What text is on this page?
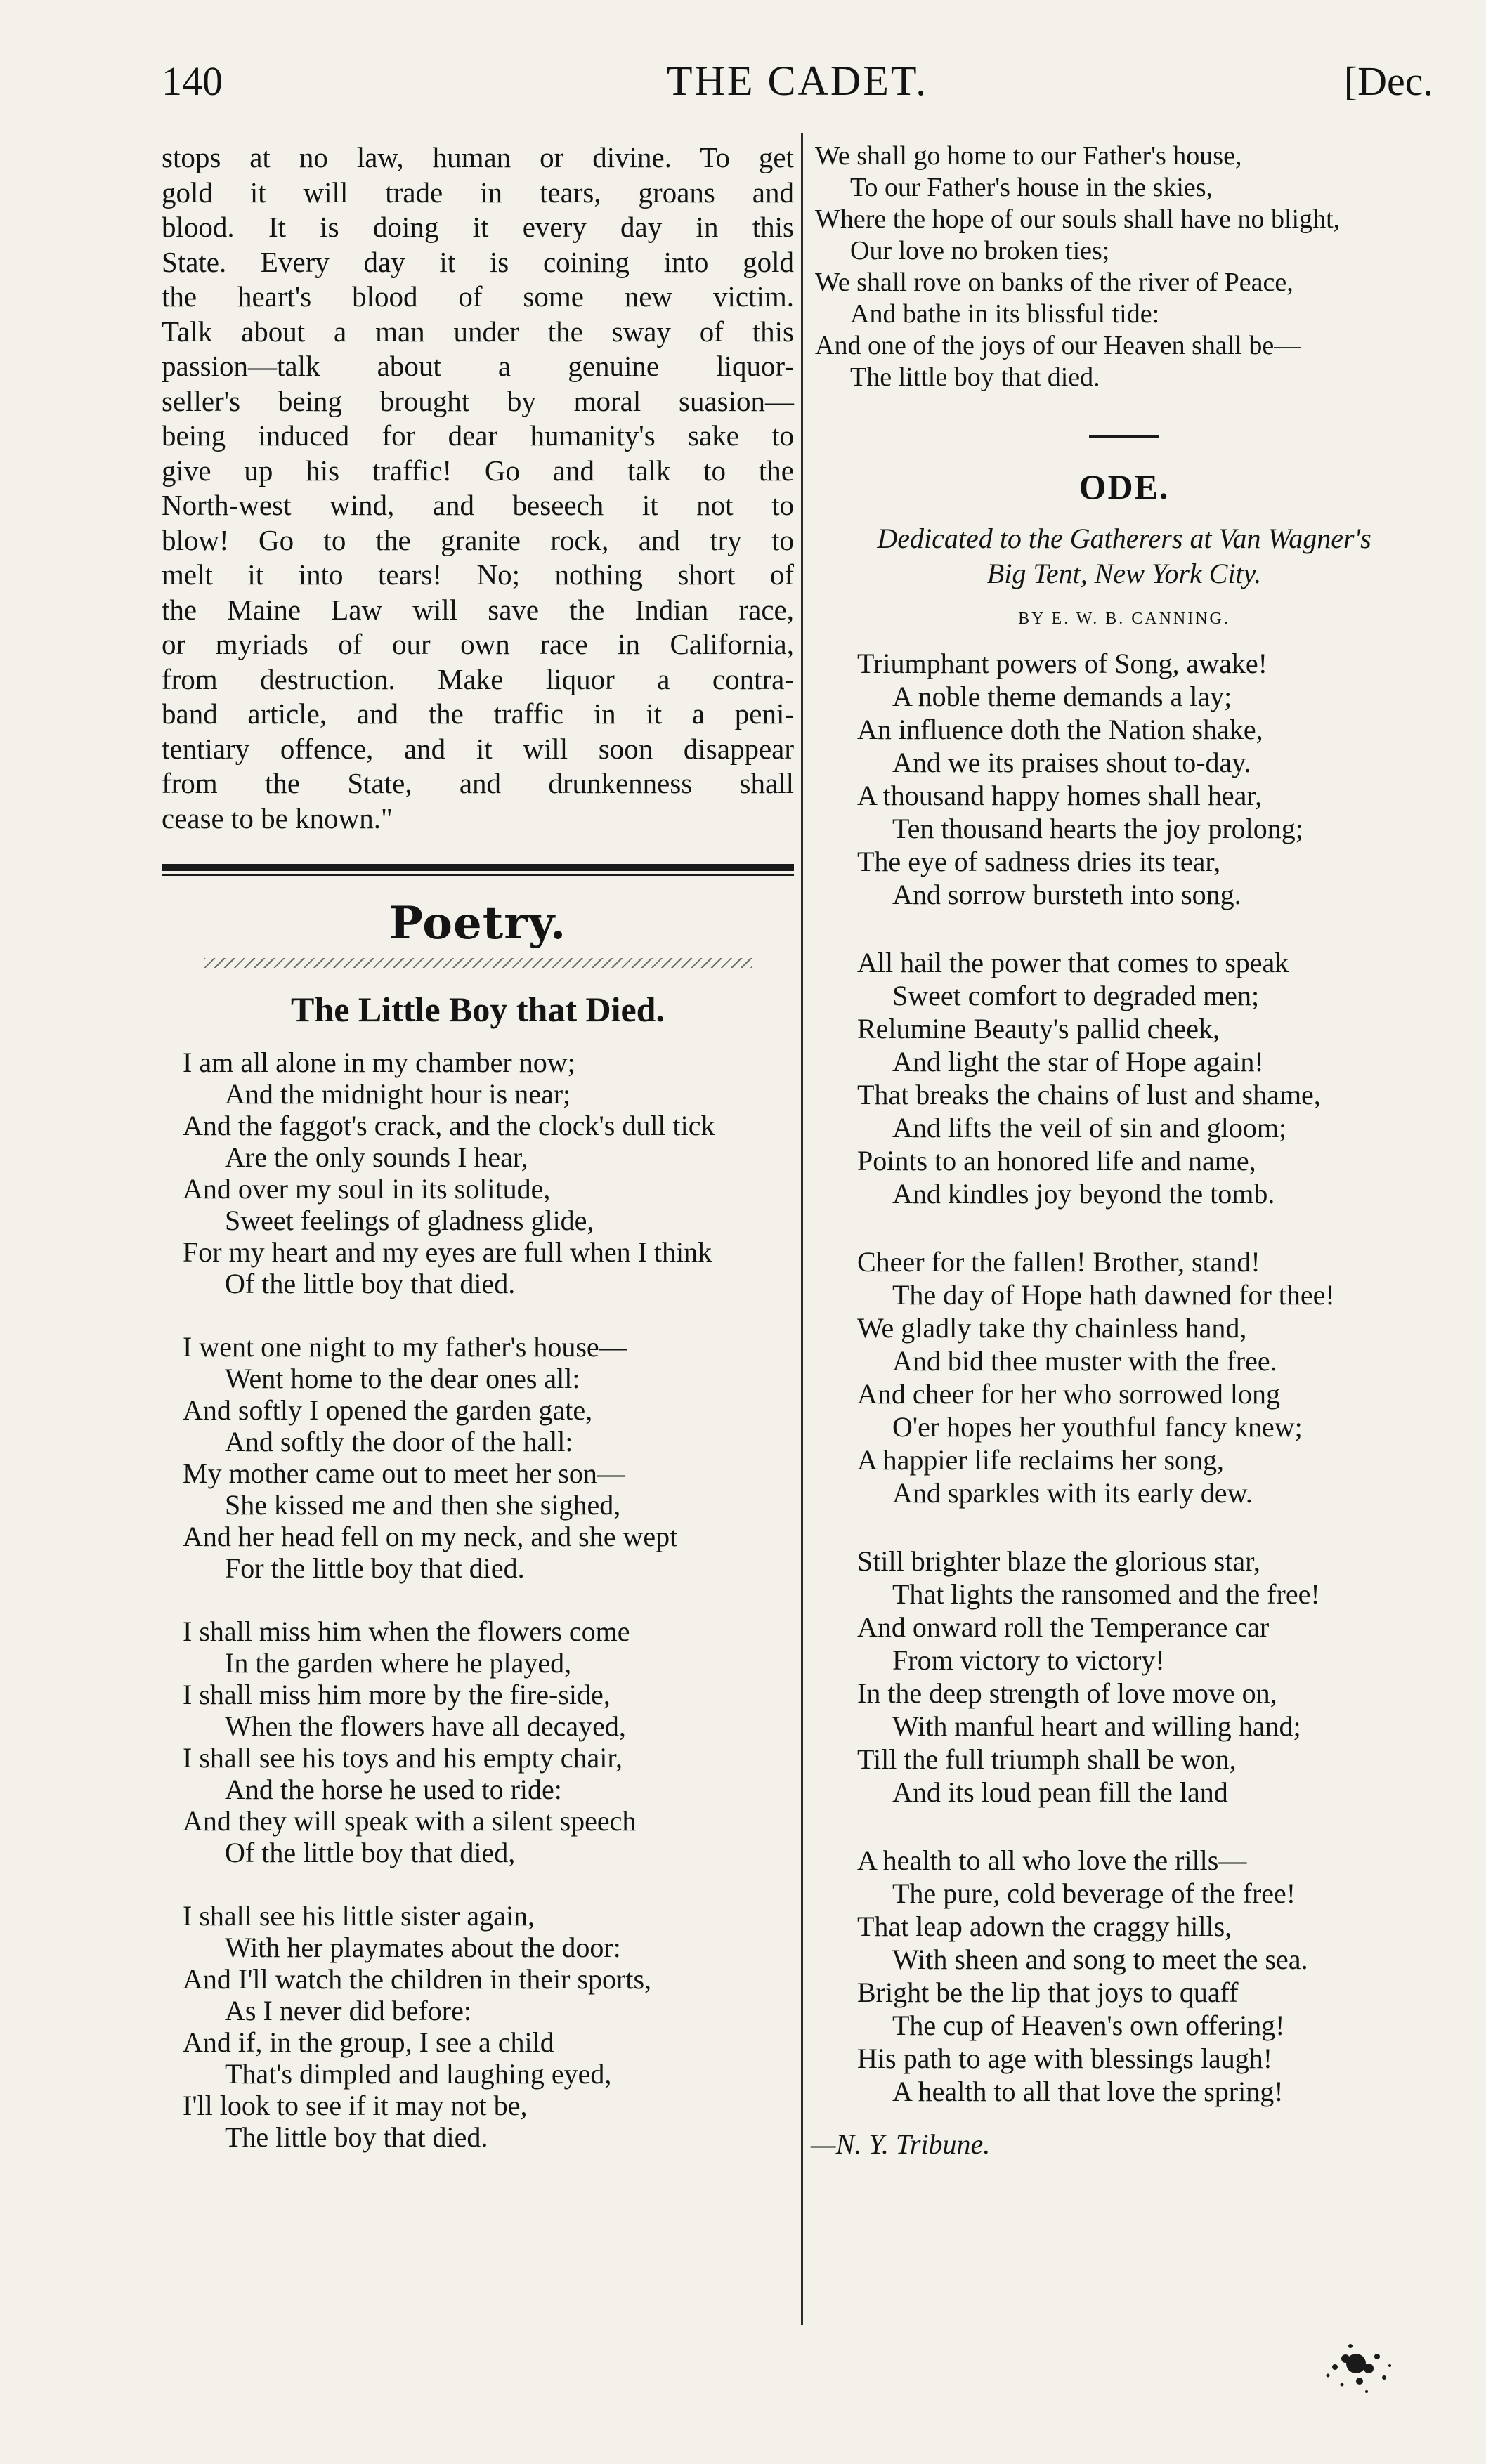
140	THE CADET.	[Dec.
stops at no law, human or divine. To get
gold it will trade in tears, groans and
blood. It is doing it every day in this
State. Every day it is coining into gold
the heart's blood of some new victim.
Talk about a man under the sway of this
passion—talk about a genuine liquor-
seller's being brought by moral suasion—
being induced for dear humanity's sake to
give up his traffic! Go and talk to the
North-west wind, and beseech it not to
blow! Go to the granite rock, and try to
melt it into tears! No; nothing short of
the Maine Law will save the Indian race,
or myriads of our own race in California,
from destruction. Make liquor a contra-
band article, and the traffic in it a peni-
tentiary offence, and it will soon disappear
from the State, and drunkenness shall
cease to be known."
Poetry.
The Little Boy that Died.
I am all alone in my chamber now;
And the midnight hour is near;
And the faggot's crack, and the clock's dull tick
Are the only sounds I hear,
And over my soul in its solitude,
Sweet feelings of gladness glide,
For my heart and my eyes are full when I think
Of the little boy that died.
I went one night to my father's house—
Went home to the dear ones all:
And softly I opened the garden gate,
And softly the door of the hall:
My mother came out to meet her son—
She kissed me and then she sighed,
And her head fell on my neck, and she wept
For the little boy that died.
I shall miss him when the flowers come
In the garden where he played,
I shall miss him more by the fire-side,
When the flowers have all decayed,
I shall see his toys and his empty chair,
And the horse he used to ride:
And they will speak with a silent speech
Of the little boy that died,
I shall see his little sister again,
With her playmates about the door:
And I'll watch the children in their sports,
As I never did before:
And if, in the group, I see a child
That's dimpled and laughing eyed,
I'll look to see if it may not be,
The little boy that died.
We shall go home to our Father's house,
To our Father's house in the skies,
Where the hope of our souls shall have no blight,
Our love no broken ties;
We shall rove on banks of the river of Peace,
And bathe in its blissful tide:
And one of the joys of our Heaven shall be—
The little boy that died.
ODE.
Dedicated to the Gatherers at Van Wagner's
Big Tent, New York City.
BY E. W. B. CANNING.
Triumphant powers of Song, awake!
A noble theme demands a lay;
An influence doth the Nation shake,
And we its praises shout to-day.
A thousand happy homes shall hear,
Ten thousand hearts the joy prolong;
The eye of sadness dries its tear,
And sorrow bursteth into song.
All hail the power that comes to speak
Sweet comfort to degraded men;
Relumine Beauty's pallid cheek,
And light the star of Hope again!
That breaks the chains of lust and shame,
And lifts the veil of sin and gloom;
Points to an honored life and name,
And kindles joy beyond the tomb.
Cheer for the fallen! Brother, stand!
The day of Hope hath dawned for thee!
We gladly take thy chainless hand,
And bid thee muster with the free.
And cheer for her who sorrowed long
O'er hopes her youthful fancy knew;
A happier life reclaims her song,
And sparkles with its early dew.
Still brighter blaze the glorious star,
That lights the ransomed and the free!
And onward roll the Temperance car
From victory to victory!
In the deep strength of love move on,
With manful heart and willing hand;
Till the full triumph shall be won,
And its loud pean fill the land
A health to all who love the rills—
The pure, cold beverage of the free!
That leap adown the craggy hills,
With sheen and song to meet the sea.
Bright be the lip that joys to quaff
The cup of Heaven's own offering!
His path to age with blessings laugh!
A health to all that love the spring!
—N. Y. Tribune.
